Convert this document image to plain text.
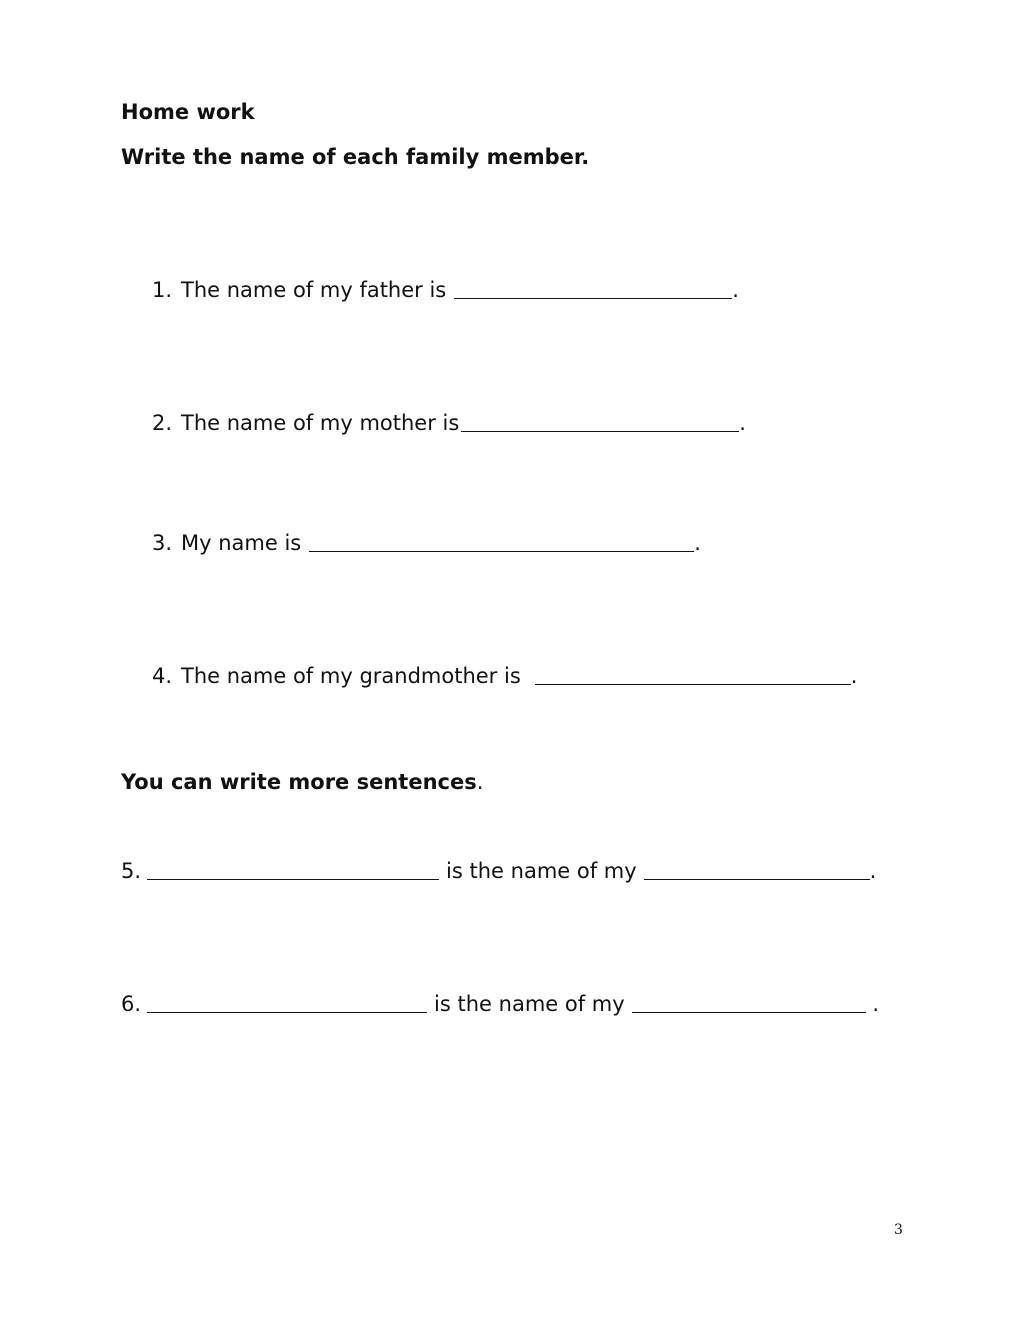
Home work
Write the name of each family member.
1. The name of my father is	.
2. The name of my mother is	.
3. My name is	.
4. The name of my grandmother is	.
You can write more sentences .
5.	is the name of my	.
6.	is the name of my	.
3
